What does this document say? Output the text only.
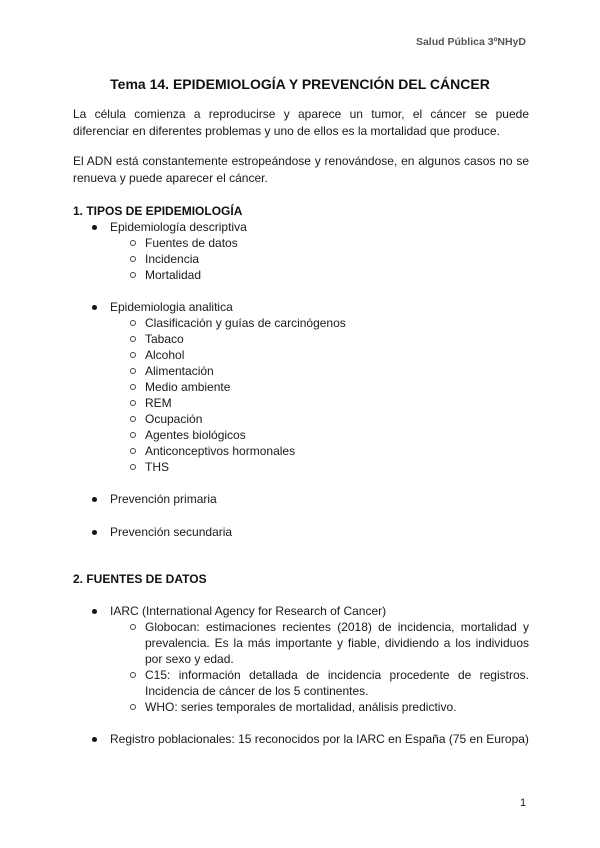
Salud Pública 3ºNHyD
Tema 14. EPIDEMIOLOGÍA Y PREVENCIÓN DEL CÁNCER
La célula comienza a reproducirse y aparece un tumor, el cáncer se puede diferenciar en diferentes problemas y uno de ellos es la mortalidad que produce.
El ADN está constantemente estropeándose y renovándose, en algunos casos no se renueva y puede aparecer el cáncer.
1. TIPOS DE EPIDEMIOLOGÍA
Epidemiología descriptiva
Fuentes de datos
Incidencia
Mortalidad
Epidemiologia analitica
Clasificación y guías de carcinógenos
Tabaco
Alcohol
Alimentación
Medio ambiente
REM
Ocupación
Agentes biológicos
Anticonceptivos hormonales
THS
Prevención primaria
Prevención secundaria
2. FUENTES DE DATOS
IARC (International Agency for Research of Cancer)
Globocan: estimaciones recientes (2018) de incidencia, mortalidad y prevalencia. Es la más importante y fiable, dividiendo a los individuos por sexo y edad.
C15: información detallada de incidencia procedente de registros. Incidencia de cáncer de los 5 continentes.
WHO: series temporales de mortalidad, análisis predictivo.
Registro poblacionales: 15 reconocidos por la IARC en España (75 en Europa)
1
